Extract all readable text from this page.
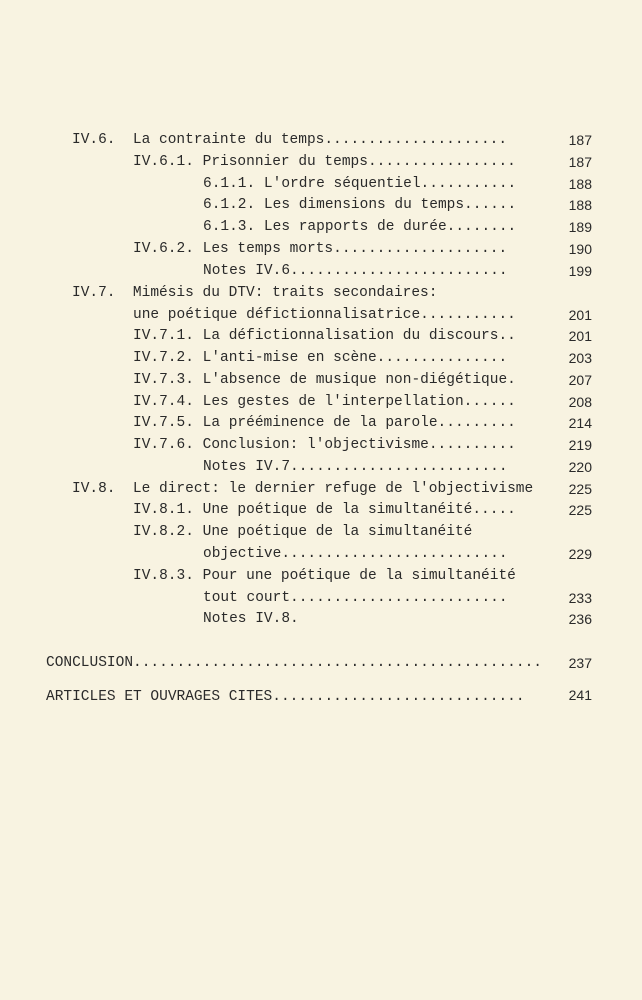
IV.6.  La contrainte du temps.....................	187
IV.6.1. Prisonnier du temps.................	187
6.1.1. L'ordre séquentiel...........	188
6.1.2. Les dimensions du temps......	188
6.1.3. Les rapports de durée........	189
IV.6.2. Les temps morts....................	190
Notes IV.6.........................	199
IV.7.  Mimésis du DTV: traits secondaires:
une poétique défictionnalisatrice...........	201
IV.7.1. La défictionnalisation du discours..	201
IV.7.2. L'anti-mise en scène...............	203
IV.7.3. L'absence de musique non-diégétique.	207
IV.7.4. Les gestes de l'interpellation......	208
IV.7.5. La prééminence de la parole.........	214
IV.7.6. Conclusion: l'objectivisme..........	219
Notes IV.7.........................	220
IV.8.  Le direct: le dernier refuge de l'objectivisme	225
IV.8.1. Une poétique de la simultanéité.....	225
IV.8.2. Une poétique de la simultanéité
objective..........................	229
IV.8.3. Pour une poétique de la simultanéité
tout court.........................	233
Notes IV.8.	236
CONCLUSION...............................................	237
ARTICLES ET OUVRAGES CITES.............................	241
